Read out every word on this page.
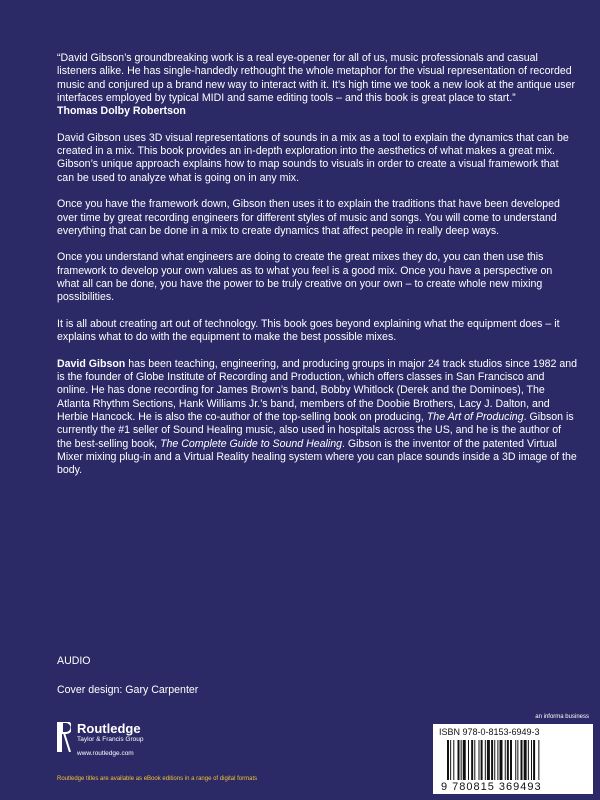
“David Gibson’s groundbreaking work is a real eye-opener for all of us, music professionals and casual listeners alike. He has single-handedly rethought the whole metaphor for the visual representation of recorded music and conjured up a brand new way to interact with it. It’s high time we took a new look at the antique user interfaces employed by typical MIDI and same editing tools – and this book is great place to start.”
Thomas Dolby Robertson

David Gibson uses 3D visual representations of sounds in a mix as a tool to explain the dynamics that can be created in a mix. This book provides an in-depth exploration into the aesthetics of what makes a great mix. Gibson’s unique approach explains how to map sounds to visuals in order to create a visual framework that can be used to analyze what is going on in any mix.

Once you have the framework down, Gibson then uses it to explain the traditions that have been developed over time by great recording engineers for different styles of music and songs. You will come to understand everything that can be done in a mix to create dynamics that affect people in really deep ways.

Once you understand what engineers are doing to create the great mixes they do, you can then use this framework to develop your own values as to what you feel is a good mix. Once you have a perspective on what all can be done, you have the power to be truly creative on your own – to create whole new mixing possibilities.

It is all about creating art out of technology. This book goes beyond explaining what the equipment does – it explains what to do with the equipment to make the best possible mixes.

David Gibson has been teaching, engineering, and producing groups in major 24 track studios since 1982 and is the founder of Globe Institute of Recording and Production, which offers classes in San Francisco and online. He has done recording for James Brown’s band, Bobby Whitlock (Derek and the Dominoes), The Atlanta Rhythm Sections, Hank Williams Jr.’s band, members of the Doobie Brothers, Lacy J. Dalton, and Herbie Hancock. He is also the co-author of the top-selling book on producing, The Art of Producing. Gibson is currently the #1 seller of Sound Healing music, also used in hospitals across the US, and he is the author of the best-selling book, The Complete Guide to Sound Healing. Gibson is the inventor of the patented Virtual Mixer mixing plug-in and a Virtual Reality healing system where you can place sounds inside a 3D image of the body.

AUDIO
Cover design: Gary Carpenter
Routledge
Taylor & Francis Group
www.routledge.com
Routledge titles are available as eBook editions in a range of digital formats
an informa business
ISBN 978-0-8153-6949-3
9 780815 369493
